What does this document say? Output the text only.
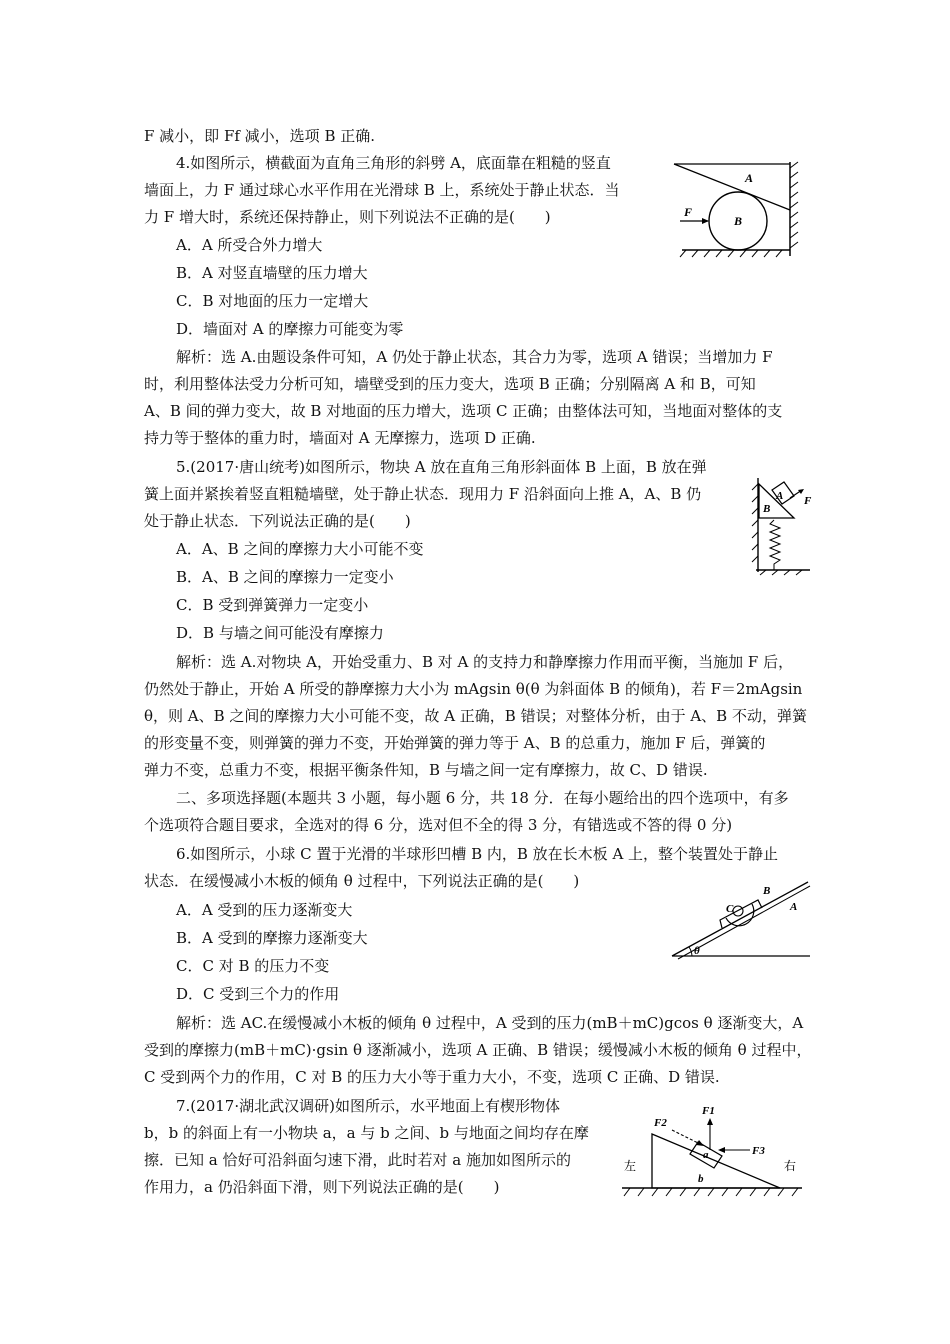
F 减小，即 Ff 减小，选项 B 正确.
4.如图所示，横截面为直角三角形的斜劈 A，底面靠在粗糙的竖直
墙面上，力 F 通过球心水平作用在光滑球 B 上，系统处于静止状态．当
力 F 增大时，系统还保持静止，则下列说法不正确的是(　　)
A．A 所受合外力增大
B．A 对竖直墙壁的压力增大
C．B 对地面的压力一定增大
D．墙面对 A 的摩擦力可能变为零
解析：选 A.由题设条件可知，A 仍处于静止状态，其合力为零，选项 A 错误；当增加力 F
时，利用整体法受力分析可知，墙壁受到的压力变大，选项 B 正确；分别隔离 A 和 B，可知
A、B 间的弹力变大，故 B 对地面的压力增大，选项 C 正确；由整体法可知，当地面对整体的支
持力等于整体的重力时，墙面对 A 无摩擦力，选项 D 正确.
5.(2017·唐山统考)如图所示，物块 A 放在直角三角形斜面体 B 上面，B 放在弹
簧上面并紧挨着竖直粗糙墙壁，处于静止状态．现用力 F 沿斜面向上推 A，A、B 仍
处于静止状态．下列说法正确的是(　　)
A．A、B 之间的摩擦力大小可能不变
B．A、B 之间的摩擦力一定变小
C．B 受到弹簧弹力一定变小
D．B 与墙之间可能没有摩擦力
解析：选 A.对物块 A，开始受重力、B 对 A 的支持力和静摩擦力作用而平衡，当施加 F 后，
仍然处于静止，开始 A 所受的静摩擦力大小为 mAgsin θ(θ 为斜面体 B 的倾角)，若 F＝2mAgsin
θ，则 A、B 之间的摩擦力大小可能不变，故 A 正确，B 错误；对整体分析，由于 A、B 不动，弹簧
的形变量不变，则弹簧的弹力不变，开始弹簧的弹力等于 A、B 的总重力，施加 F 后，弹簧的
弹力不变，总重力不变，根据平衡条件知，B 与墙之间一定有摩擦力，故 C、D 错误.
二、多项选择题(本题共 3 小题，每小题 6 分，共 18 分．在每小题给出的四个选项中，有多
个选项符合题目要求，全选对的得 6 分，选对但不全的得 3 分，有错选或不答的得 0 分)
6.如图所示，小球 C 置于光滑的半球形凹槽 B 内，B 放在长木板 A 上，整个装置处于静止
状态．在缓慢减小木板的倾角 θ 过程中，下列说法正确的是(　　)
A．A 受到的压力逐渐变大
B．A 受到的摩擦力逐渐变大
C．C 对 B 的压力不变
D．C 受到三个力的作用
解析：选 AC.在缓慢减小木板的倾角 θ 过程中，A 受到的压力(mB＋mC)gcos θ 逐渐变大，A
受到的摩擦力(mB＋mC)·gsin θ 逐渐减小，选项 A 正确、B 错误；缓慢减小木板的倾角 θ 过程中，
C 受到两个力的作用，C 对 B 的压力大小等于重力大小，不变，选项 C 正确、D 错误.
7.(2017·湖北武汉调研)如图所示，水平地面上有楔形物体
b，b 的斜面上有一小物块 a，a 与 b 之间、b 与地面之间均存在摩
擦．已知 a 恰好可沿斜面匀速下滑，此时若对 a 施加如图所示的
作用力，a 仍沿斜面下滑，则下列说法正确的是(　　)
A
B
F
A
B
F
C
B
A
θ
F1
F2
F3
a
b
左	右
